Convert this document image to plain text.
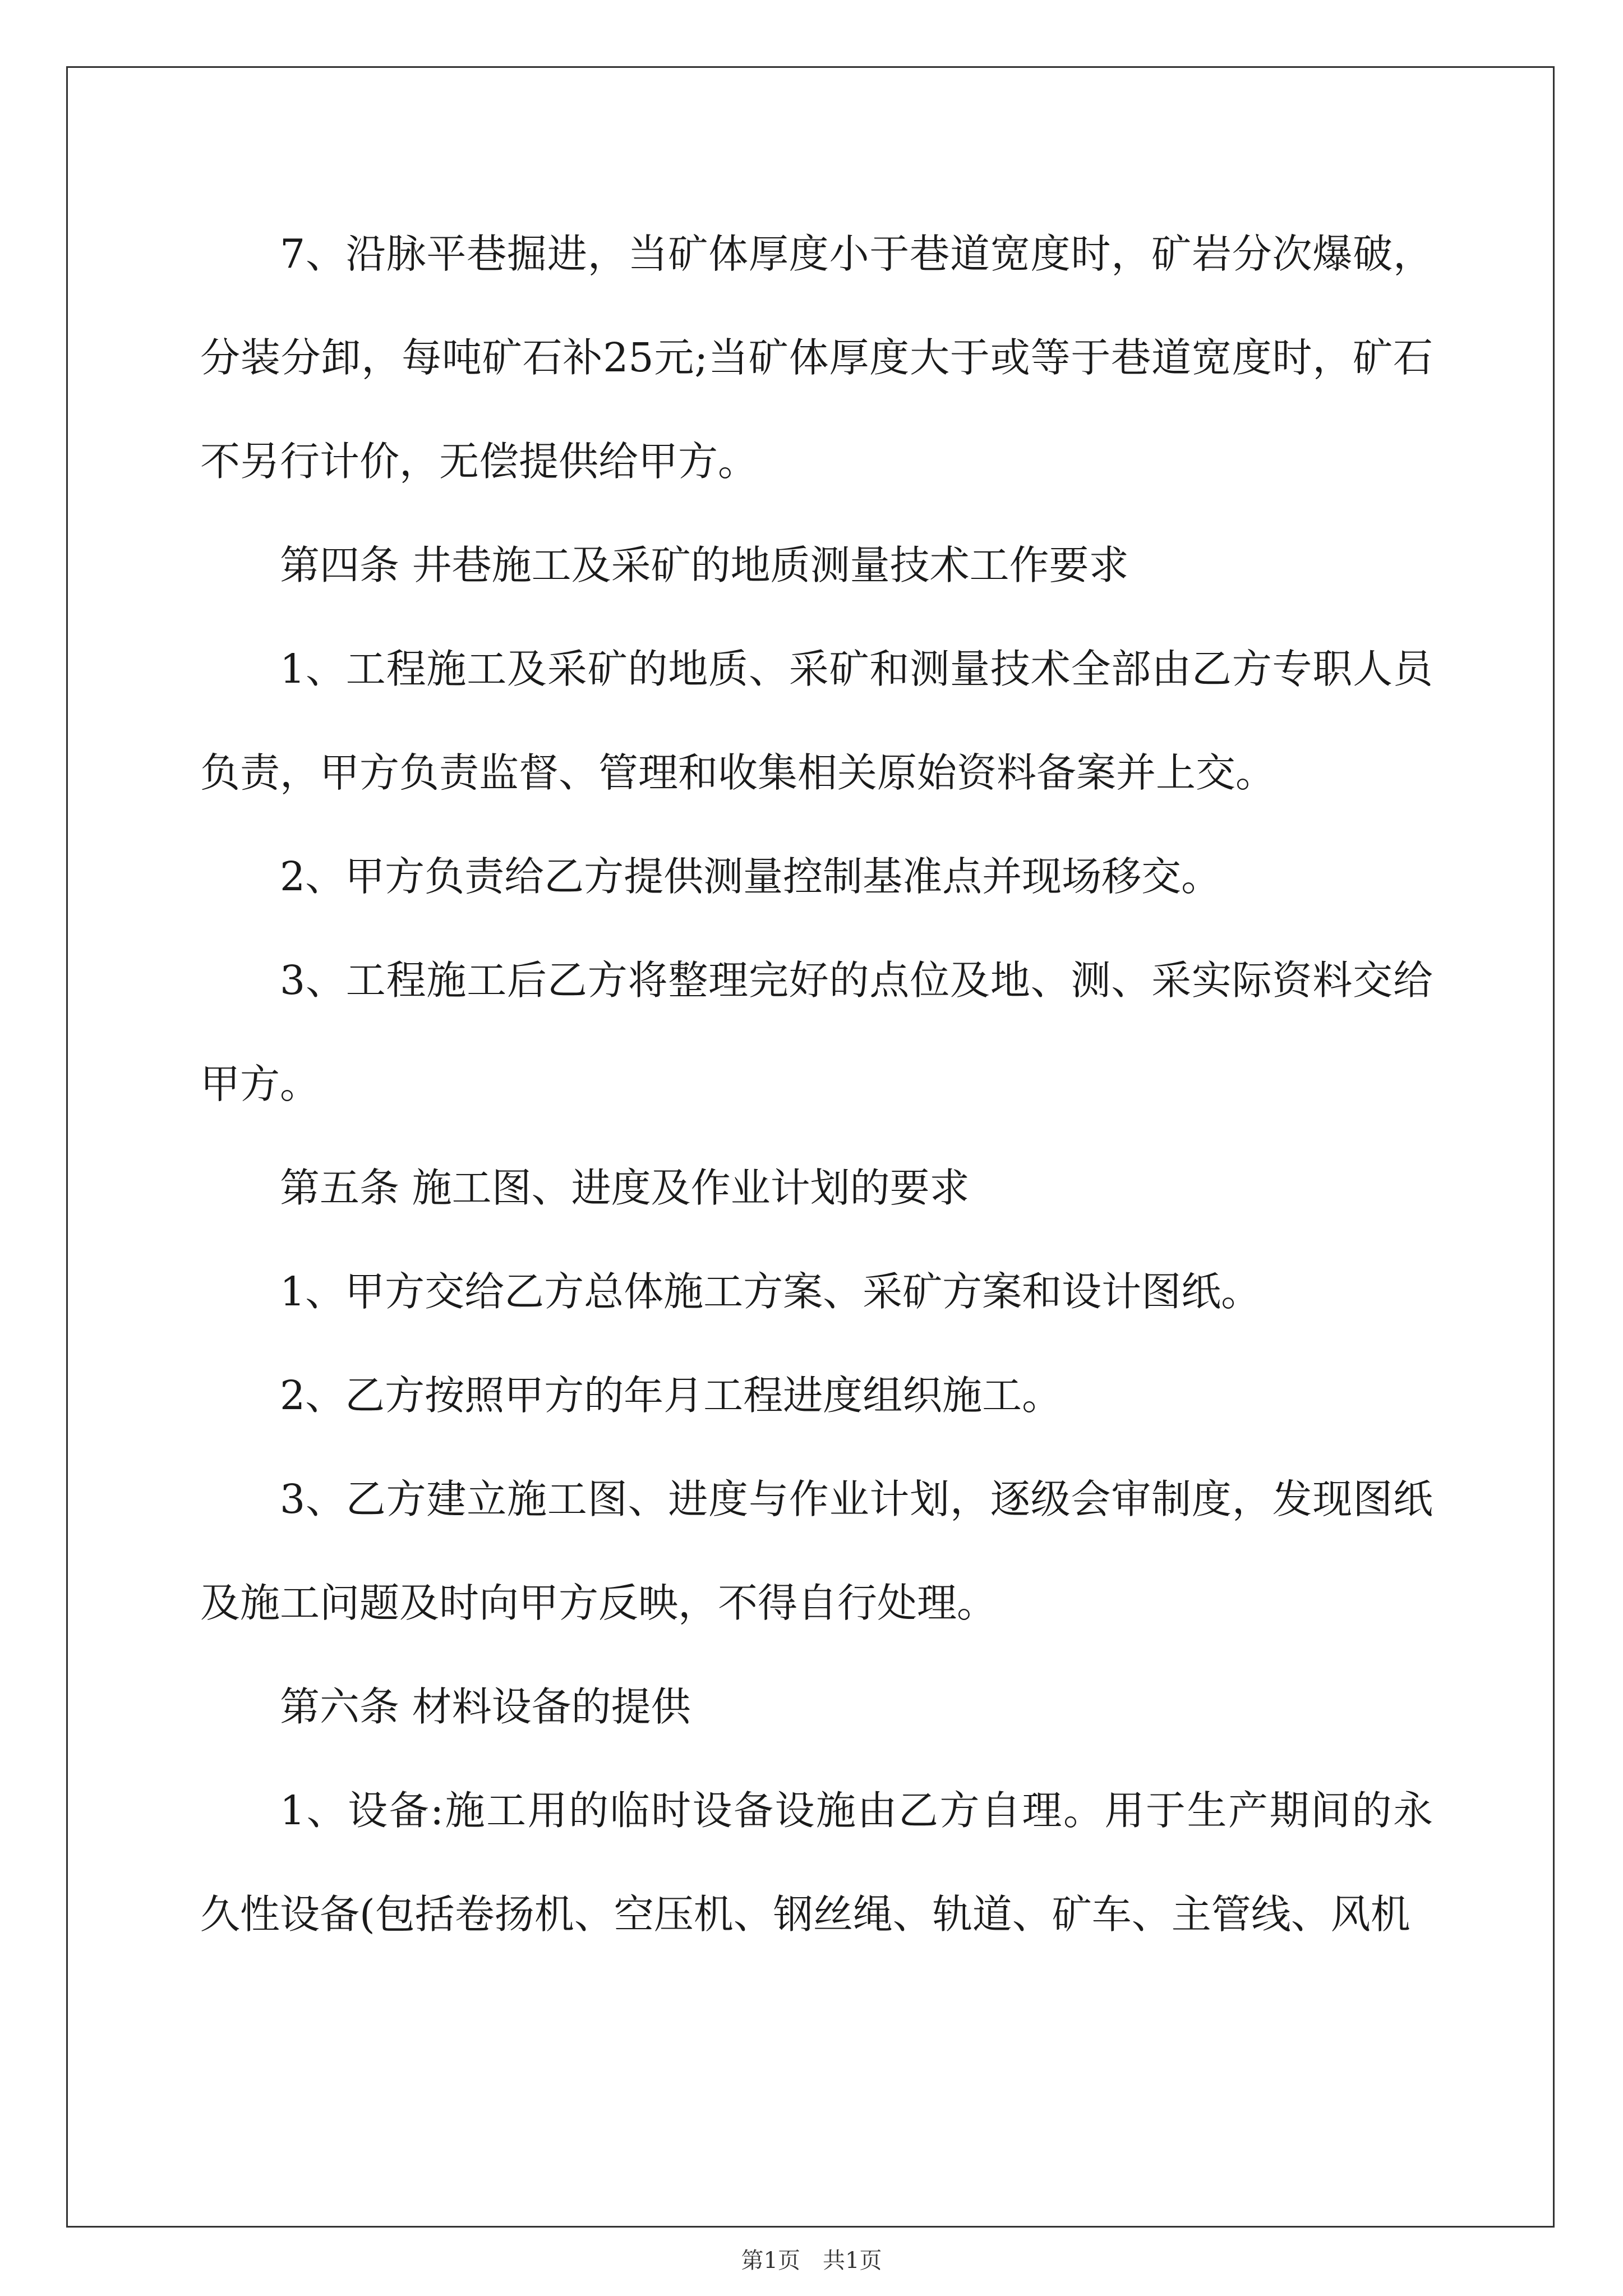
7、沿脉平巷掘进，当矿体厚度小于巷道宽度时，矿岩分次爆破，分装分卸，每吨矿石补25元;当矿体厚度大于或等于巷道宽度时，矿石不另行计价，无偿提供给甲方。

第四条 井巷施工及采矿的地质测量技术工作要求

1、工程施工及采矿的地质、采矿和测量技术全部由乙方专职人员负责，甲方负责监督、管理和收集相关原始资料备案并上交。

2、甲方负责给乙方提供测量控制基准点并现场移交。

3、工程施工后乙方将整理完好的点位及地、测、采实际资料交给甲方。

第五条 施工图、进度及作业计划的要求

1、甲方交给乙方总体施工方案、采矿方案和设计图纸。

2、乙方按照甲方的年月工程进度组织施工。

3、乙方建立施工图、进度与作业计划，逐级会审制度，发现图纸及施工问题及时向甲方反映，不得自行处理。

第六条 材料设备的提供

1、设备:施工用的临时设备设施由乙方自理。用于生产期间的永久性设备(包括卷扬机、空压机、钢丝绳、轨道、矿车、主管线、风机

第1页　共1页
